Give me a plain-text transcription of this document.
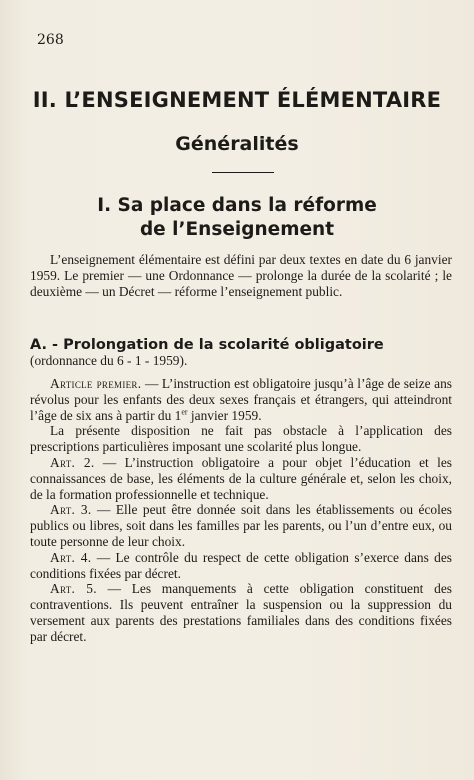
268
II. L’ENSEIGNEMENT ÉLÉMENTAIRE
Généralités
I. Sa place dans la réforme
de l’Enseignement

L’enseignement élémentaire est défini par deux textes en date du 6 janvier 1959. Le premier — une Ordonnance — prolonge la durée de la scolarité ; le deuxième — un Décret — réforme l’enseignement public.

A. - Prolongation de la scolarité obligatoire (ordonnance du 6 - 1 - 1959).

Article premier. — L’instruction est obligatoire jusqu’à l’âge de seize ans révolus pour les enfants des deux sexes français et étrangers, qui atteindront l’âge de six ans à partir du 1er janvier 1959.

La présente disposition ne fait pas obstacle à l’application des prescriptions particulières imposant une scolarité plus longue.

Art. 2. — L’instruction obligatoire a pour objet l’éducation et les connaissances de base, les éléments de la culture générale et, selon les choix, de la formation professionnelle et technique.

Art. 3. — Elle peut être donnée soit dans les établissements ou écoles publics ou libres, soit dans les familles par les parents, ou l’un d’entre eux, ou toute personne de leur choix.

Art. 4. — Le contrôle du respect de cette obligation s’exerce dans des conditions fixées par décret.

Art. 5. — Les manquements à cette obligation constituent des contraventions. Ils peuvent entraîner la suspension ou la suppression du versement aux parents des prestations familiales dans des conditions fixées par décret.
